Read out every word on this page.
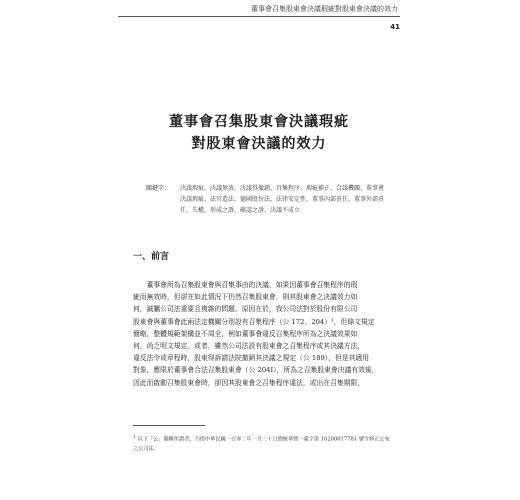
董事會召集股東會決議瑕疵對股東會決議的效力
41
董事會召集股東會決議瑕疵
對股東會決議的效力
關鍵字：	決議瑕疵、決議無效、決議得撤銷、召集程序、瑕疵補正、合議機關、董事會決議瑕疵、法官造法、德國股份法、法律安定性、董事內部責任、董事外部責任、失權、形成之訴、確認之訴、決議不成立
一、前言
　　董事會所為召集股東會與召集事由的決議，如果因董事會召集程序的瑕
疵而無效時，但卻在如此情況下仍然召集股東會，則其股東會之決議效力如
何，誠屬公司法重要且複雜的問題。原因在於，我公司法對於股份有限公司
股東會與董事會此兩法定機關分別設有召集程序（公 172、204）¹，但條文規定
簡略，整體規範架構並不周全，例如董事會違反召集程序所為之決議效果如
何，尚乏明文規定。或者，雖然公司法設有股東會之召集程序或其決議方法，
違反法令或章程時，股東得訴請法院撤銷其決議之規定（公 189），但是其適用
對象，應限於董事會合法召集股東會（公 204I），所為之召集股東會決議有效後，
因此而啟動召集股東會時，卻因其股東會之召集程序違法，或出在召集期限，
$^1$以下「公」簡稱所謂者，乃指中華民國一百零二年一月三十日總統華總一義字第 10200017781 號令修正公布之公司法。
